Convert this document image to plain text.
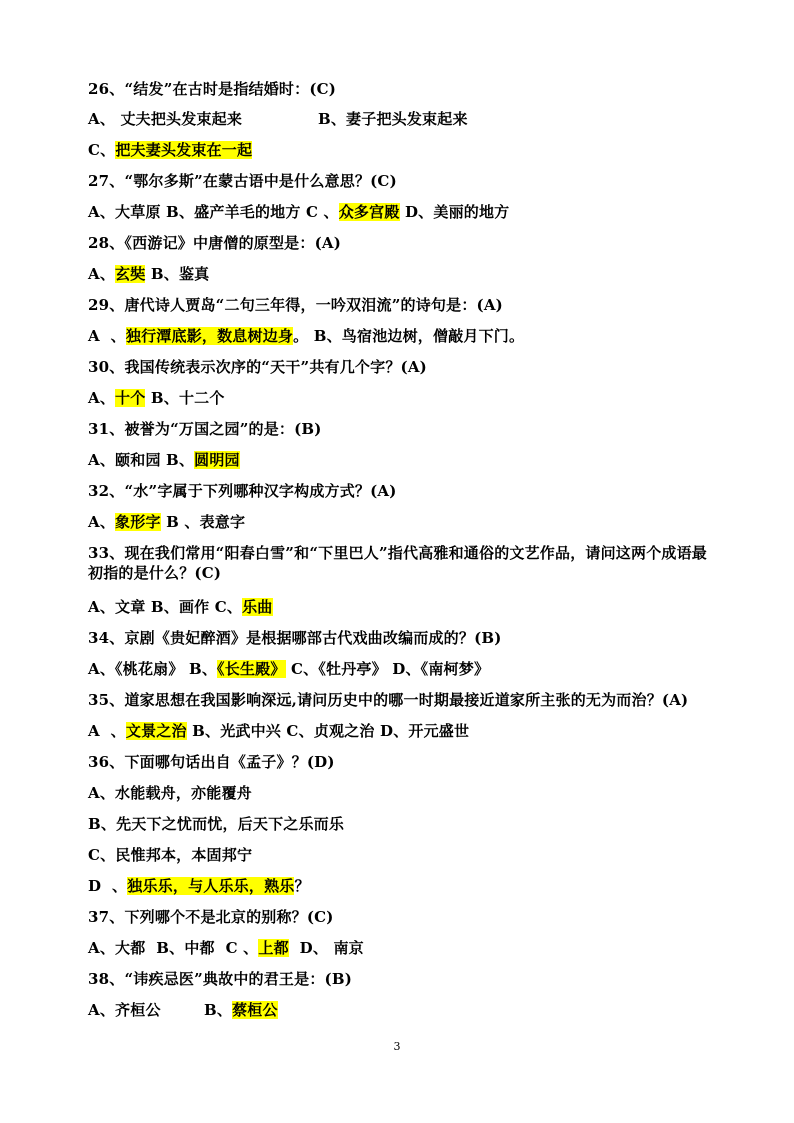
3
26、“结发”在古时是指结婚时：(C)
A、 丈夫把头发束起来              B、妻子把头发束起来
C、把夫妻头发束在一起
27、“鄂尔多斯”在蒙古语中是什么意思？(C)
A、大草原 B、盛产羊毛的地方 C 、众多宫殿 D、美丽的地方
28、《西游记》中唐僧的原型是：(A)
A、玄奘 B、鉴真
29、唐代诗人贾岛“二句三年得，一吟双泪流”的诗句是：(A)
A  、独行潭底影，数息树边身。 B、鸟宿池边树，僧敲月下门。
30、我国传统表示次序的“天干”共有几个字？(A)
A、十个 B、十二个
31、被誉为“万国之园”的是：(B)
A、颐和园 B、圆明园
32、“水”字属于下列哪种汉字构成方式？(A)
A、象形字 B 、表意字
33、现在我们常用“阳春白雪”和“下里巴人”指代高雅和通俗的文艺作品，请问这两个成语最初指的是什么？(C)
A、文章 B、画作 C、乐曲
34、京剧《贵妃醉酒》是根据哪部古代戏曲改编而成的？(B)
A、《桃花扇》 B、《长生殿》 C、《牡丹亭》 D、《南柯梦》
35、道家思想在我国影响深远,请问历史中的哪一时期最接近道家所主张的无为而治？(A)
A  、文景之治 B、光武中兴 C、贞观之治 D、开元盛世
36、下面哪句话出自《孟子》？(D)
A、水能载舟，亦能覆舟
B、先天下之忧而忧，后天下之乐而乐
C、民惟邦本，本固邦宁
D  、独乐乐，与人乐乐，熟乐？
37、下列哪个不是北京的别称？(C)
A、大都  B、中都  C 、上都  D、 南京
38、“讳疾忌医”典故中的君王是：(B)
A、齐桓公        B、蔡桓公
